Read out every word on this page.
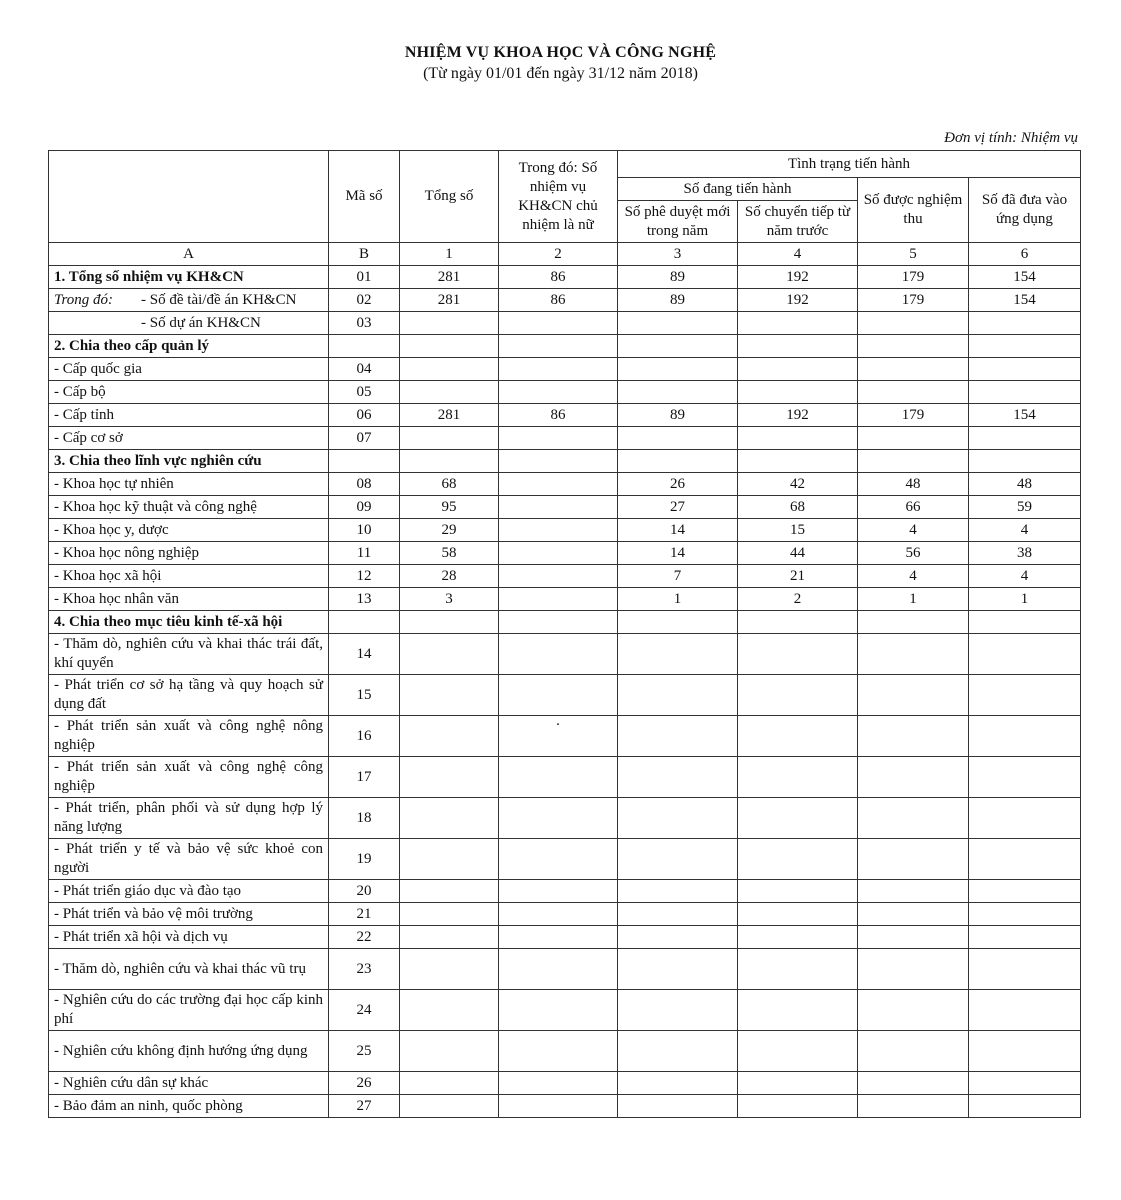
NHIỆM VỤ KHOA HỌC VÀ CÔNG NGHỆ
(Từ ngày 01/01 đến ngày 31/12 năm 2018)
Đơn vị tính: Nhiệm vụ
	Mã số	Tổng số	Trong đó: Số nhiệm vụ KH&CN chủ nhiệm là nữ	Tình trạng tiến hành			
				Số đang tiến hành		Số được nghiệm thu	Số đã đưa vào ứng dụng
				Số phê duyệt mới trong năm	Số chuyển tiếp từ năm trước		
A	B	1	2	3	4	5	6
1. Tổng số nhiệm vụ KH&CN	01	281	86	89	192	179	154
Trong đó: - Số đề tài/đề án KH&CN	02	281	86	89	192	179	154
- Số dự án KH&CN	03						
2. Chia theo cấp quản lý							
- Cấp quốc gia	04						
- Cấp bộ	05						
- Cấp tỉnh	06	281	86	89	192	179	154
- Cấp cơ sở	07						
3. Chia theo lĩnh vực nghiên cứu							
- Khoa học tự nhiên	08	68		26	42	48	48
- Khoa học kỹ thuật và công nghệ	09	95		27	68	66	59
- Khoa học y, dược	10	29		14	15	4	4
- Khoa học nông nghiệp	11	58		14	44	56	38
- Khoa học xã hội	12	28		7	21	4	4
- Khoa học nhân văn	13	3		1	2	1	1
4. Chia theo mục tiêu kinh tế-xã hội							
- Thăm dò, nghiên cứu và khai thác trái đất, khí quyển	14						
- Phát triển cơ sở hạ tầng và quy hoạch sử dụng đất	15						
- Phát triển sản xuất và công nghệ nông nghiệp	16		·				
- Phát triển sản xuất và công nghệ công nghiệp	17						
- Phát triển, phân phối và sử dụng hợp lý năng lượng	18						
- Phát triển y tế và bảo vệ sức khoẻ con người	19						
- Phát triển giáo dục và đào tạo	20						
- Phát triển và bảo vệ môi trường	21						
- Phát triển xã hội và dịch vụ	22						
- Thăm dò, nghiên cứu và khai thác vũ trụ	23						
- Nghiên cứu do các trường đại học cấp kinh phí	24						
- Nghiên cứu không định hướng ứng dụng	25						
- Nghiên cứu dân sự khác	26						
- Bảo đảm an ninh, quốc phòng	27						
